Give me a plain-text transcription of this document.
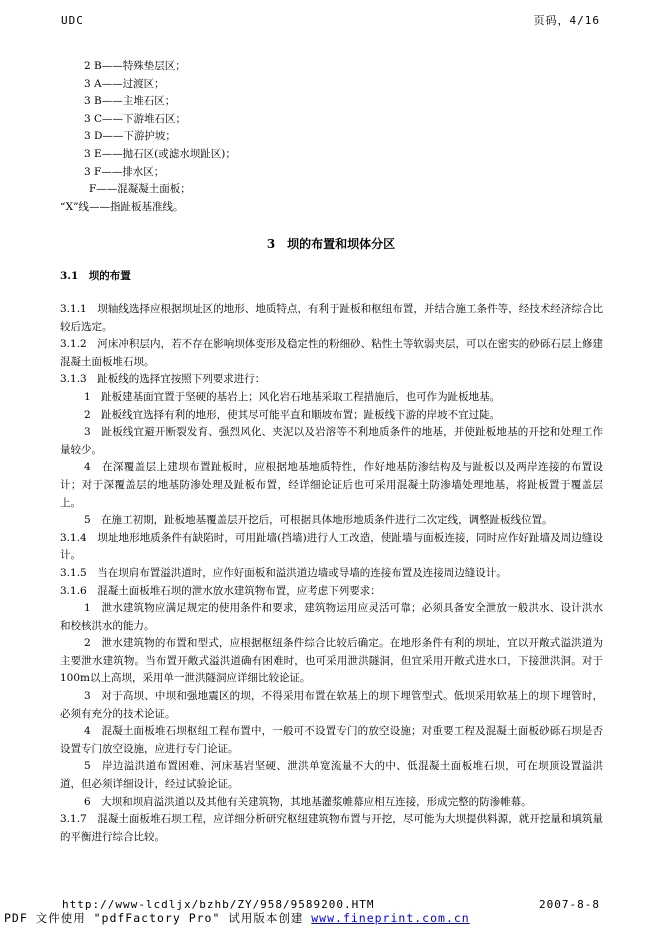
UDC	页码，4/16
2 B——特殊垫层区；
3 A——过渡区；
3 B——主堆石区；
3 C——下游堆石区；
3 D——下游护坡；
3 E——抛石区(或滤水坝趾区)；
3 F——排水区；
F——混凝凝土面板；
“X”线——指趾板基准线。
3　坝的布置和坝体分区
3.1　坝的布置

3.1.1　坝轴线选择应根据坝址区的地形、地质特点，有利于趾板和枢纽布置，并结合施工条件等，经技术经济综合比较后选定。

3.1.2　河床冲积层内，若不存在影响坝体变形及稳定性的粉细砂、粘性土等软弱夹层，可以在密实的砂砾石层上修建混凝土面板堆石坝。

3.1.3　趾板线的选择宜按照下列要求进行：

1　趾板建基面宜置于坚硬的基岩上；风化岩石地基采取工程措施后，也可作为趾板地基。

2　趾板线宜选择有利的地形，使其尽可能平直和顺坡布置；趾板线下游的岸坡不宜过陡。

3　趾板线宜避开断裂发育、强烈风化、夹泥以及岩溶等不利地质条件的地基，并使趾板地基的开挖和处理工作量较少。

4　在深覆盖层上建坝布置趾板时，应根据地基地质特性，作好地基防渗结构及与趾板以及两岸连接的布置设计；对于深覆盖层的地基防渗处理及趾板布置，经详细论证后也可采用混凝土防渗墙处理地基，将趾板置于覆盖层上。

5　在施工初期，趾板地基覆盖层开挖后，可根据具体地形地质条件进行二次定线，调整趾板线位置。

3.1.4　坝址地形地质条件有缺陷时，可用趾墙(挡墙)进行人工改造，使趾墙与面板连接，同时应作好趾墙及周边缝设计。

3.1.5　当在坝肩布置溢洪道时，应作好面板和溢洪道边墙或导墙的连接布置及连接周边缝设计。

3.1.6　混凝土面板堆石坝的泄水放水建筑物布置，应考虑下列要求：

1　泄水建筑物应满足规定的使用条件和要求，建筑物运用应灵活可靠；必须具备安全泄放一般洪水、设计洪水和校核洪水的能力。

2　泄水建筑物的布置和型式，应根据枢纽条件综合比较后确定。在地形条件有利的坝址，宜以开敞式溢洪道为主要泄水建筑物。当布置开敞式溢洪道确有困难时，也可采用泄洪隧洞，但宜采用开敞式进水口，下接泄洪洞。对于100m以上高坝，采用单一泄洪隧洞应详细比较论证。

3　对于高坝、中坝和强地震区的坝，不得采用布置在软基上的坝下埋管型式。低坝采用软基上的坝下埋管时，必须有充分的技术论证。

4　混凝土面板堆石坝枢纽工程布置中，一般可不设置专门的放空设施；对重要工程及混凝土面板砂砾石坝是否设置专门放空设施，应进行专门论证。

5　岸边溢洪道布置困难、河床基岩坚硬、泄洪单宽流量不大的中、低混凝土面板堆石坝，可在坝顶设置溢洪道，但必须详细设计，经过试验论证。

6　大坝和坝肩溢洪道以及其他有关建筑物，其地基灌浆帷幕应相互连接，形成完整的防渗帷幕。

3.1.7　混凝土面板堆石坝工程，应详细分析研究枢纽建筑物布置与开挖，尽可能为大坝提供料源，就开挖量和填筑量的平衡进行综合比较。

http://www-lcdljx/bzhb/ZY/958/9589200.HTM	2007-8-8
PDF 文件使用 "pdfFactory Pro" 试用版本创建 www.fineprint.com.cn
